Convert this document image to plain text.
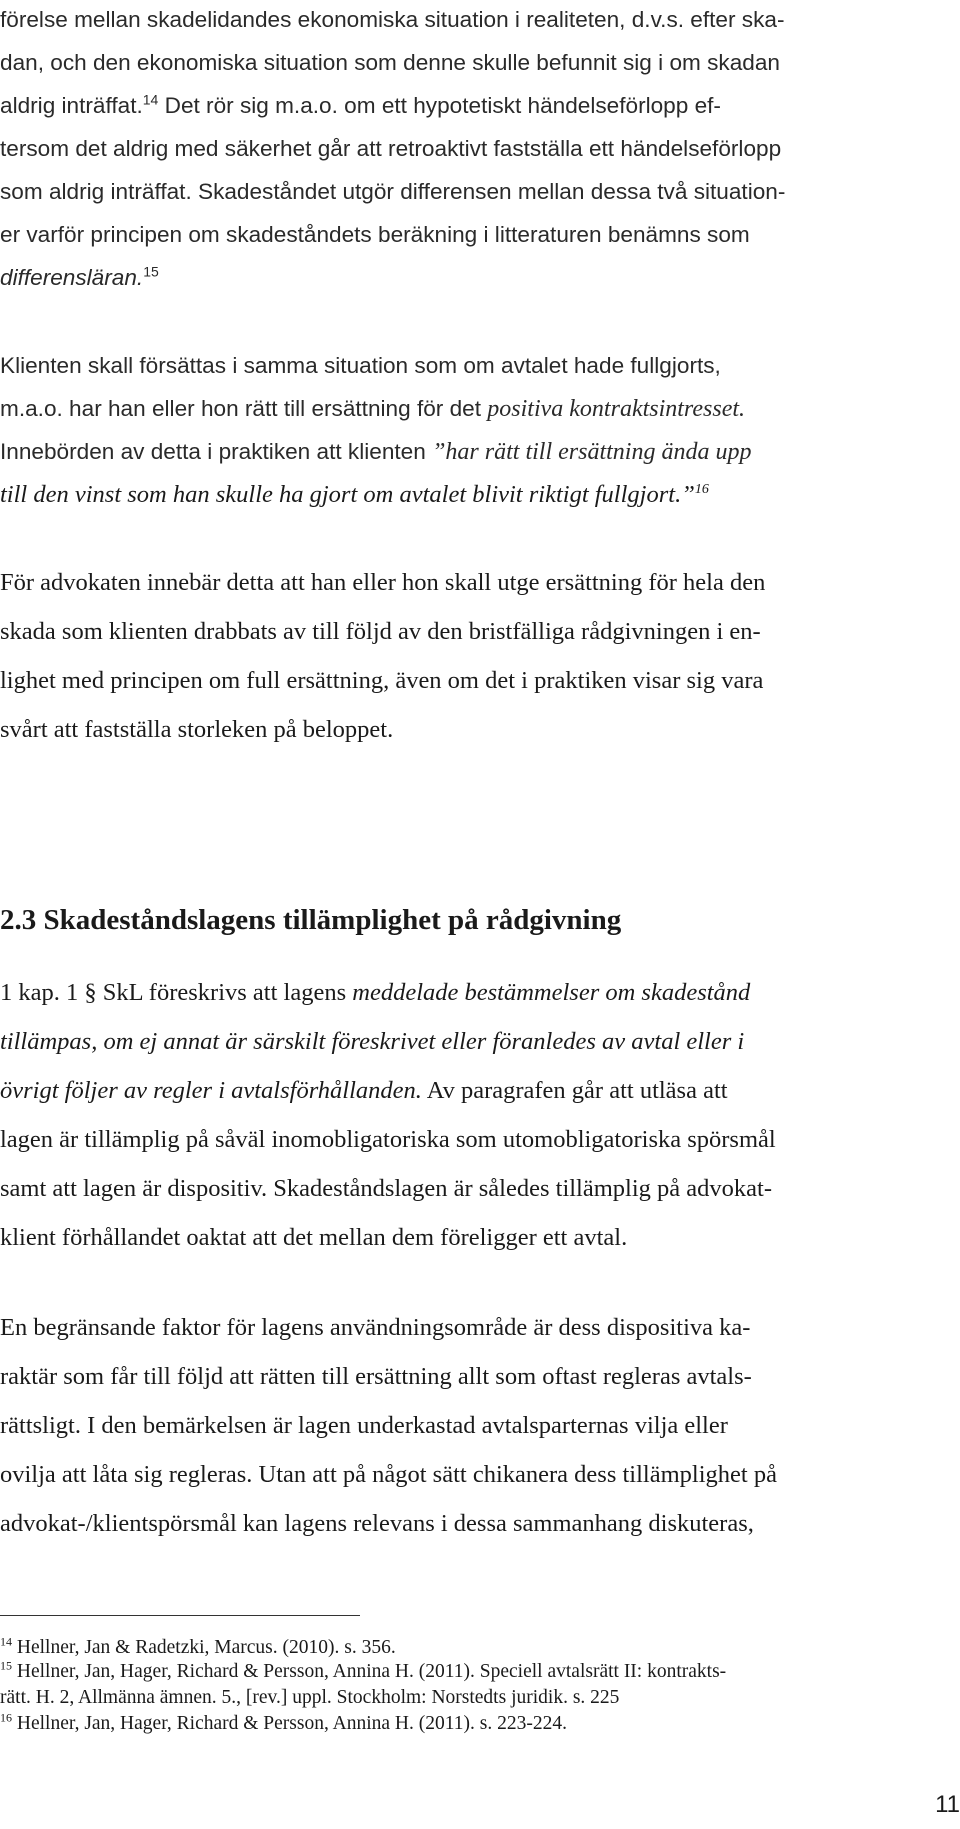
förelse mellan skadelidandes ekonomiska situation i realiteten, d.v.s. efter ska-
dan, och den ekonomiska situation som denne skulle befunnit sig i om skadan
aldrig inträffat.$^{14}$ Det rör sig m.a.o. om ett hypotetiskt händelseförlopp ef-
tersom det aldrig med säkerhet går att retroaktivt fastställa ett händelseförlopp
som aldrig inträffat. Skadeståndet utgör differensen mellan dessa två situation-
er varför principen om skadeståndets beräkning i litteraturen benämns som
differensläran.$^{15}$
Klienten skall försättas i samma situation som om avtalet hade fullgjorts,
m.a.o. har han eller hon rätt till ersättning för det positiva kontraktsintresset.
Innebörden av detta i praktiken att klienten ”har rätt till ersättning ända upp
till den vinst som han skulle ha gjort om avtalet blivit riktigt fullgjort.”$^{16}$
För advokaten innebär detta att han eller hon skall utge ersättning för hela den
skada som klienten drabbats av till följd av den bristfälliga rådgivningen i en-
lighet med principen om full ersättning, även om det i praktiken visar sig vara
svårt att fastställa storleken på beloppet.
2.3 Skadeståndslagens tillämplighet på rådgivning
1 kap. 1 § SkL föreskrivs att lagens meddelade bestämmelser om skadestånd
tillämpas, om ej annat är särskilt föreskrivet eller föranledes av avtal eller i
övrigt följer av regler i avtalsförhållanden. Av paragrafen går att utläsa att
lagen är tillämplig på såväl inomobligatoriska som utomobligatoriska spörsmål
samt att lagen är dispositiv. Skadeståndslagen är således tillämplig på advokat-
klient förhållandet oaktat att det mellan dem föreligger ett avtal.
En begränsande faktor för lagens användningsområde är dess dispositiva ka-
raktär som får till följd att rätten till ersättning allt som oftast regleras avtals-
rättsligt. I den bemärkelsen är lagen underkastad avtalsparternas vilja eller
ovilja att låta sig regleras. Utan att på något sätt chikanera dess tillämplighet på
advokat-/klientspörsmål kan lagens relevans i dessa sammanhang diskuteras,
$^{14}$ Hellner, Jan & Radetzki, Marcus. (2010). s. 356.
$^{15}$ Hellner, Jan, Hager, Richard & Persson, Annina H. (2011). Speciell avtalsrätt II: kontrakts-
rätt. H. 2, Allmänna ämnen. 5., [rev.] uppl. Stockholm: Norstedts juridik. s. 225
$^{16}$ Hellner, Jan, Hager, Richard & Persson, Annina H. (2011). s. 223-224.
11
